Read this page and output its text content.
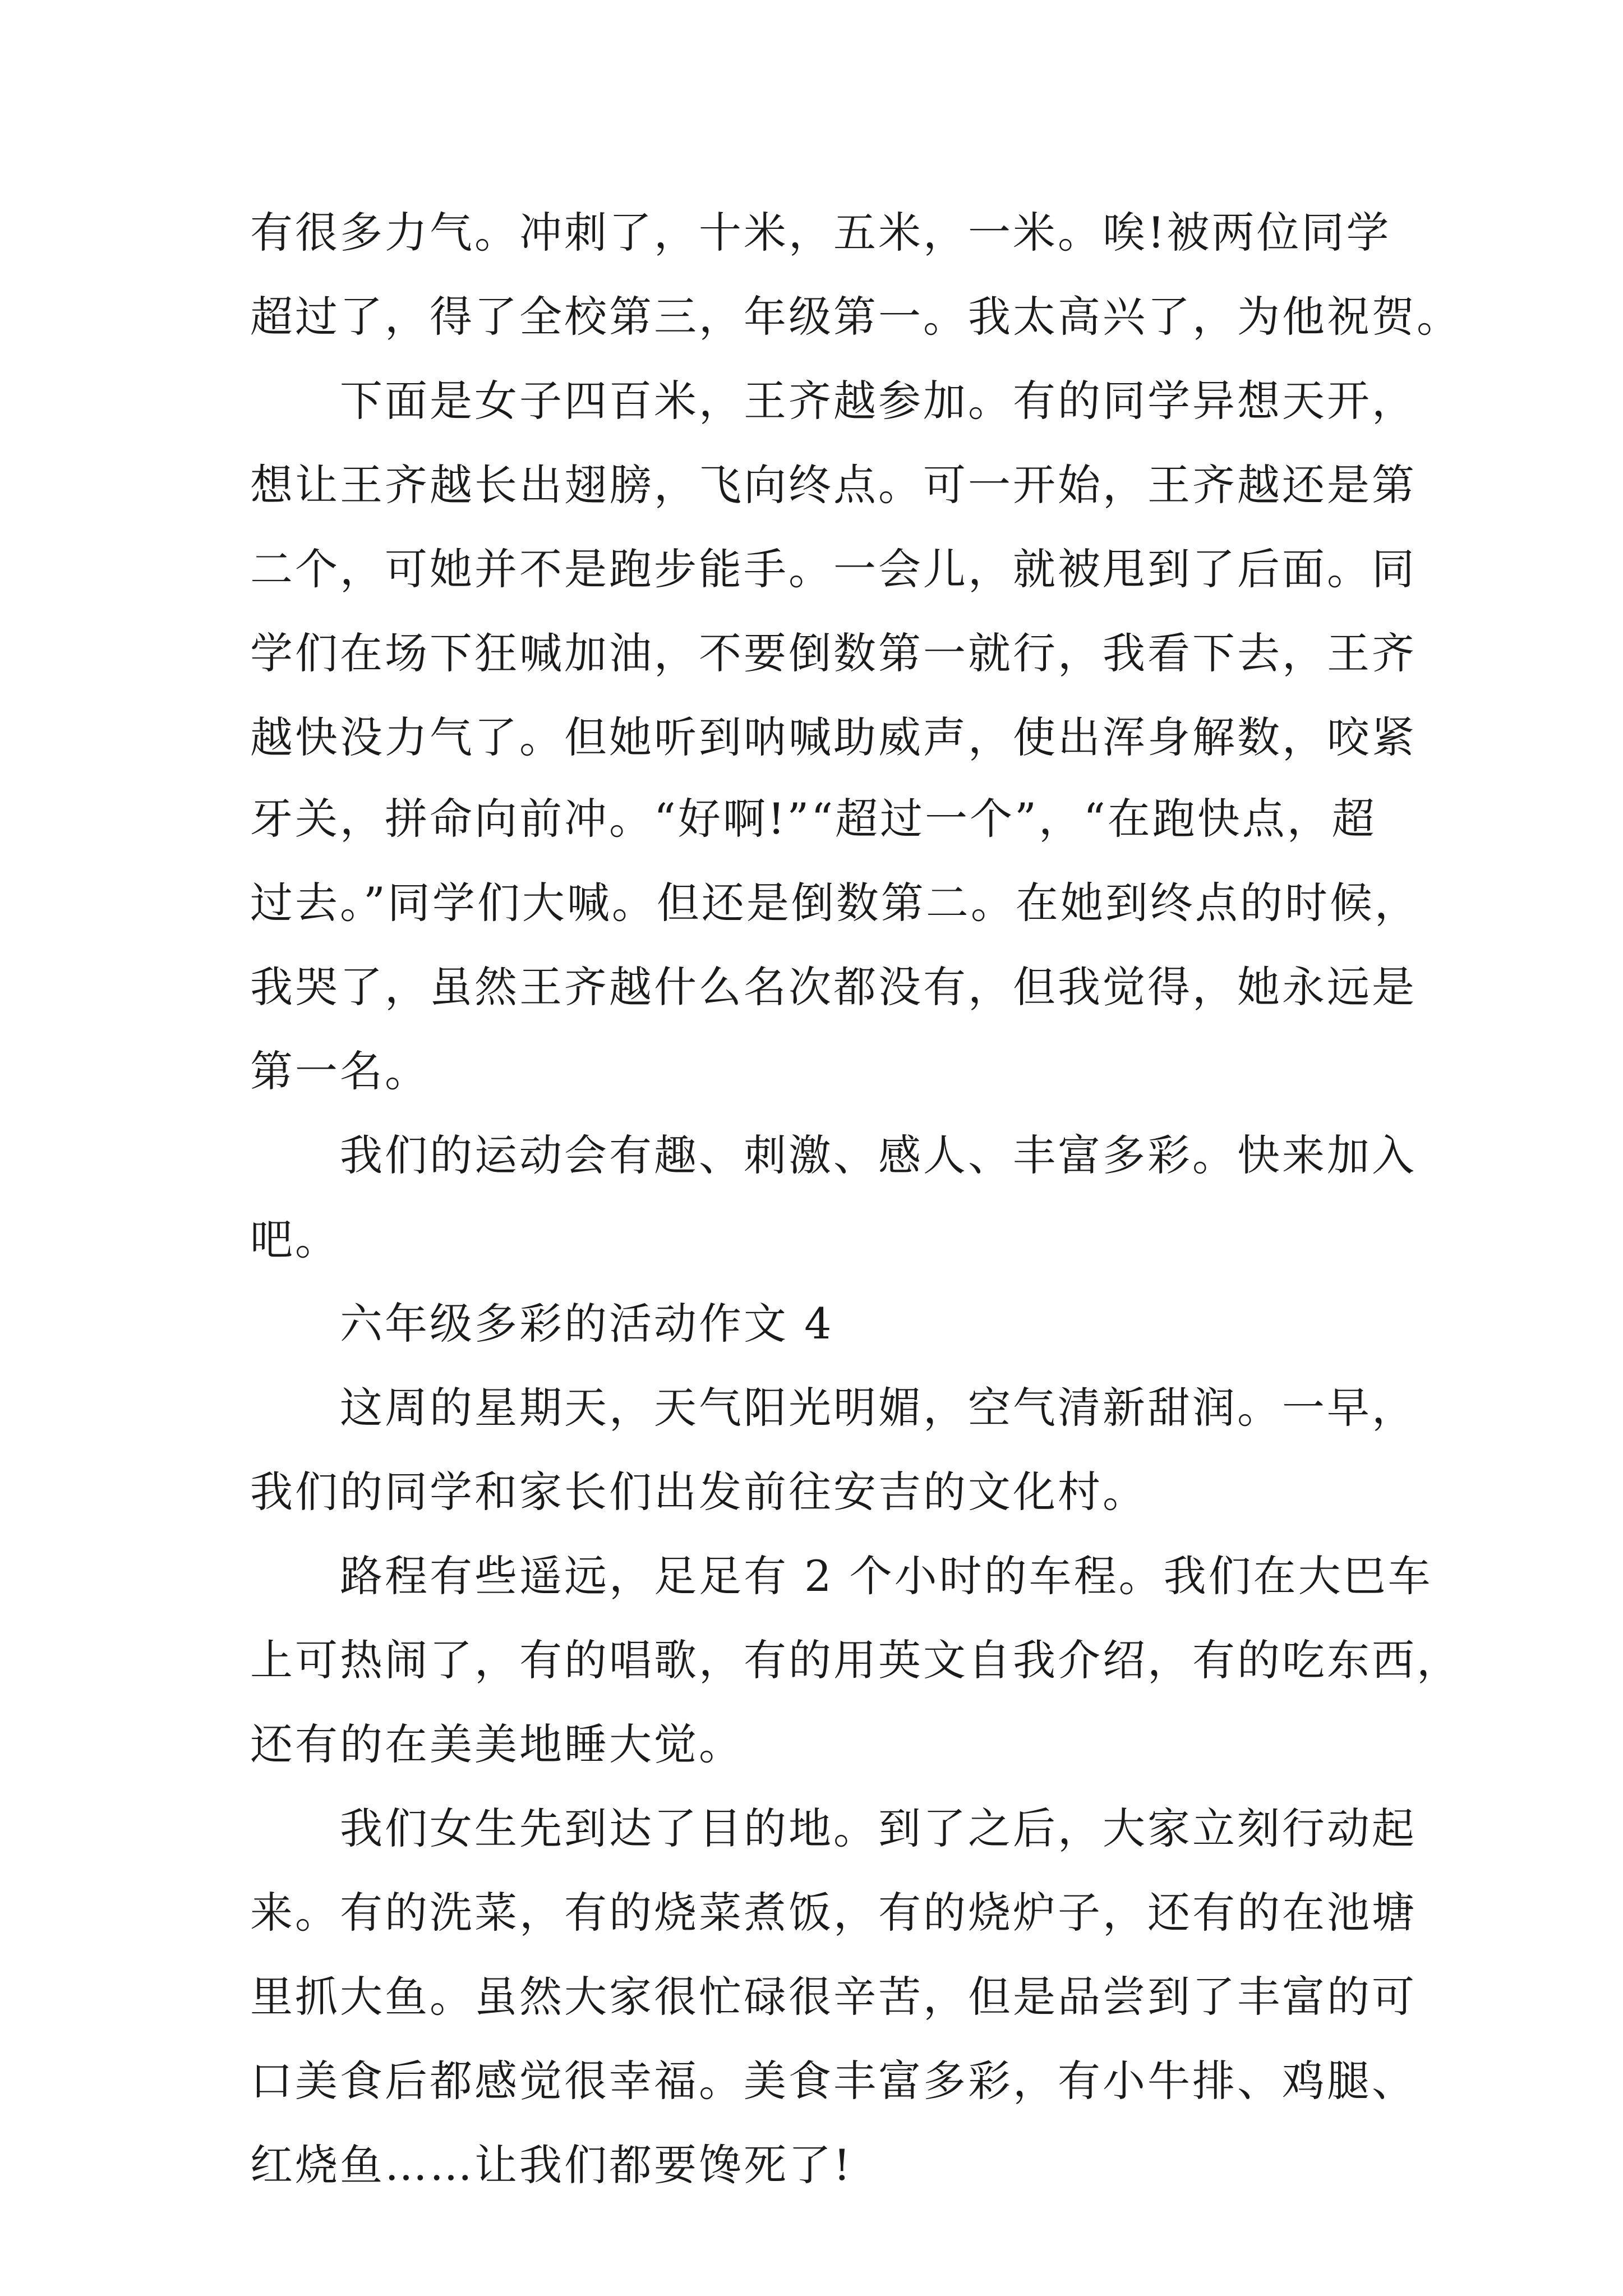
有很多力气。冲刺了，十米，五米，一米。唉!被两位同学
超过了，得了全校第三，年级第一。我太高兴了，为他祝贺。
下面是女子四百米，王齐越参加。有的同学异想天开，
想让王齐越长出翅膀，飞向终点。可一开始，王齐越还是第
二个，可她并不是跑步能手。一会儿，就被甩到了后面。同
学们在场下狂喊加油，不要倒数第一就行，我看下去，王齐
越快没力气了。但她听到呐喊助威声，使出浑身解数，咬紧
牙关，拼命向前冲。“好啊!”“超过一个”，“在跑快点，超
过去。”同学们大喊。但还是倒数第二。在她到终点的时候，
我哭了，虽然王齐越什么名次都没有，但我觉得，她永远是
第一名。
我们的运动会有趣、刺激、感人、丰富多彩。快来加入
吧。
六年级多彩的活动作文 4
这周的星期天，天气阳光明媚，空气清新甜润。一早，
我们的同学和家长们出发前往安吉的文化村。
路程有些遥远，足足有 2 个小时的车程。我们在大巴车
上可热闹了，有的唱歌，有的用英文自我介绍，有的吃东西，
还有的在美美地睡大觉。
我们女生先到达了目的地。到了之后，大家立刻行动起
来。有的洗菜，有的烧菜煮饭，有的烧炉子，还有的在池塘
里抓大鱼。虽然大家很忙碌很辛苦，但是品尝到了丰富的可
口美食后都感觉很幸福。美食丰富多彩，有小牛排、鸡腿、
红烧鱼……让我们都要馋死了!
